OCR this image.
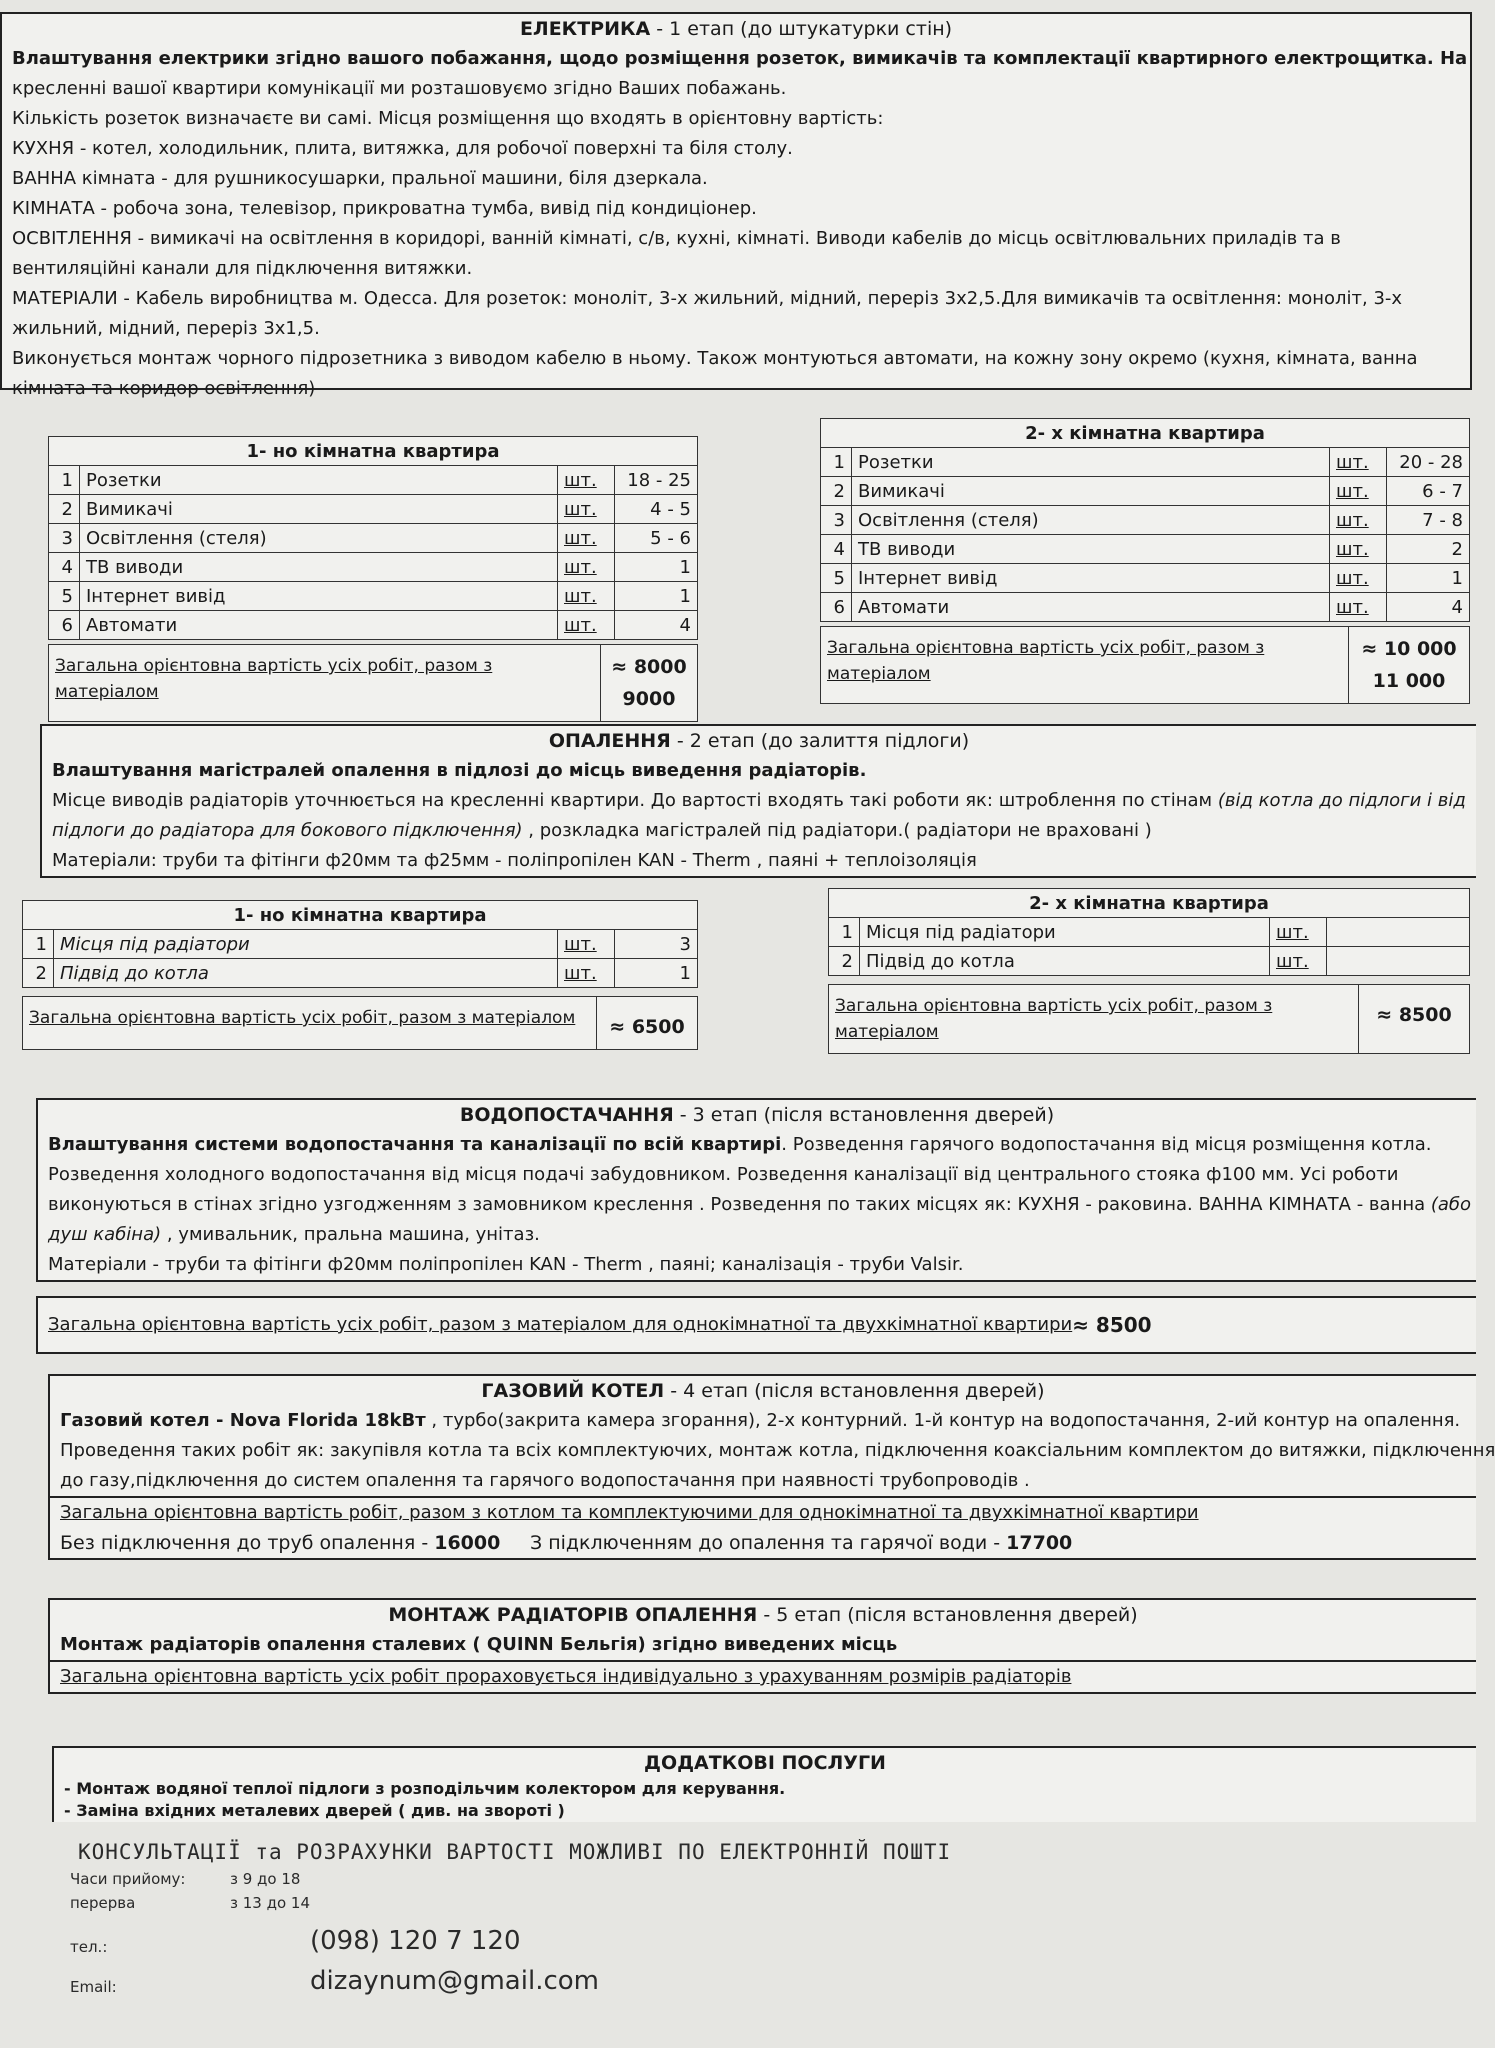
ЕЛЕКТРИКА - 1 етап (до штукатурки стін)
Влаштування електрики згідно вашого побажання, щодо розміщення розеток, вимикачів та комплектації квартирного електрощитка. На
кресленні вашої квартири комунікації ми розташовуємо згідно Ваших побажань.
Кількість розеток визначаєте ви самі. Місця розміщення що входять в орієнтовну вартість:
КУХНЯ - котел, холодильник, плита, витяжка, для робочої поверхні та біля столу.
ВАННА кімната - для рушникосушарки, пральної машини, біля дзеркала.
КІМНАТА - робоча зона, телевізор, прикроватна тумба, вивід під кондиціонер.
ОСВІТЛЕННЯ - вимикачі на освітлення в коридорі, ванній кімнаті, с/в, кухні, кімнаті. Виводи кабелів до місць освітлювальних приладів та в
вентиляційні канали для підключення витяжки.
МАТЕРІАЛИ - Кабель виробництва м. Одесса. Для розеток: моноліт, 3-х жильний, мідний, переріз 3х2,5.Для вимикачів та освітлення: моноліт, 3-х
жильний, мідний, переріз 3х1,5.
Виконується монтаж чорного підрозетника з виводом кабелю в ньому. Також монтуються автомати, на кожну зону окремо (кухня, кімната, ванна
кімната та коридор освітлення)
1- но кімнатна квартира			
1	Розетки	шт.	18 - 25
2	Вимикачі	шт.	4 - 5
3	Освітлення (стеля)	шт.	5 - 6
4	ТВ виводи	шт.	1
5	Інтернет вивід	шт.	1
6	Автомати	шт.	4
Загальна орієнтовна вартість усіх робіт, разом з матеріалом
≈ 8000
9000
2- х кімнатна квартира			
1	Розетки	шт.	20 - 28
2	Вимикачі	шт.	6 - 7
3	Освітлення (стеля)	шт.	7 - 8
4	ТВ виводи	шт.	2
5	Інтернет вивід	шт.	1
6	Автомати	шт.	4
Загальна орієнтовна вартість усіх робіт, разом з матеріалом
≈ 10 000
11 000
ОПАЛЕННЯ - 2 етап (до залиття підлоги)
Влаштування магістралей опалення в підлозі до місць виведення радіаторів.
Місце виводів радіаторів уточнюється на кресленні квартири. До вартості входять такі роботи як: штроблення по стінам (від котла до підлоги і від
підлоги до радіатора для бокового підключення) , розкладка магістралей під радіатори.( радіатори не враховані )
Матеріали: труби та фітінги ф20мм та ф25мм - поліпропілен KAN - Therm , паяні + теплоізоляція
1- но кімнатна квартира			
1	Місця під радіатори	шт.	3
2	Підвід до котла	шт.	1
Загальна орієнтовна вартість усіх робіт, разом з матеріалом	≈ 6500
2- х кімнатна квартира			
1	Місця під радіатори	шт.	
2	Підвід до котла	шт.	
Загальна орієнтовна вартість усіх робіт, разом з матеріалом
≈ 8500
ВОДОПОСТАЧАННЯ - 3 етап (після встановлення дверей)
Влаштування системи водопостачання та каналізації по всій квартирі. Розведення гарячого водопостачання від місця розміщення котла.
Розведення холодного водопостачання від місця подачі забудовником. Розведення каналізації від центрального стояка ф100 мм. Усі роботи
виконуються в стінах згідно узгодженням з замовником креслення . Розведення по таких місцях як: КУХНЯ - раковина. ВАННА КІМНАТА - ванна (або
душ кабіна) , умивальник, пральна машина, унітаз.
Матеріали - труби та фітінги ф20мм поліпропілен KAN - Therm , паяні; каналізація - труби Valsir.
Загальна орієнтовна вартість усіх робіт, разом з матеріалом для однокімнатної та двухкімнатної квартири ≈ 8500
ГАЗОВИЙ КОТЕЛ - 4 етап (після встановлення дверей)
Газовий котел - Nova Florida 18kВт , турбо(закрита камера згорання), 2-х контурний. 1-й контур на водопостачання, 2-ий контур на опалення.
Проведення таких робіт як: закупівля котла та всіх комплектуючих, монтаж котла, підключення коаксіальним комплектом до витяжки, підключення
до газу,підключення до систем опалення та гарячого водопостачання при наявності трубопроводів .
Загальна орієнтовна вартість робіт, разом з котлом та комплектуючими для однокімнатної та двухкімнатної квартири
Без підключення до труб опалення - 16000	З підключенням до опалення та гарячої води - 17700
МОНТАЖ РАДІАТОРІВ ОПАЛЕННЯ - 5 етап (після встановлення дверей)
Монтаж радіаторів опалення сталевих ( QUINN Бельгія) згідно виведених місць
Загальна орієнтовна вартість усіх робіт прораховується індивідуально з урахуванням розмірів радіаторів
ДОДАТКОВІ ПОСЛУГИ
- Монтаж водяної теплої підлоги з розподільчим колектором для керування.
- Заміна вхідних металевих дверей ( див. на звороті )
КОНСУЛЬТАЦІЇ та РОЗРАХУНКИ ВАРТОСТІ МОЖЛИВІ ПО ЕЛЕКТРОННІЙ ПОШТІ
Часи прийому:	з 9 до 18
перерва	з 13 до 14
тел.:	(098) 120 7 120
Email:	dizaynum@gmail.com
